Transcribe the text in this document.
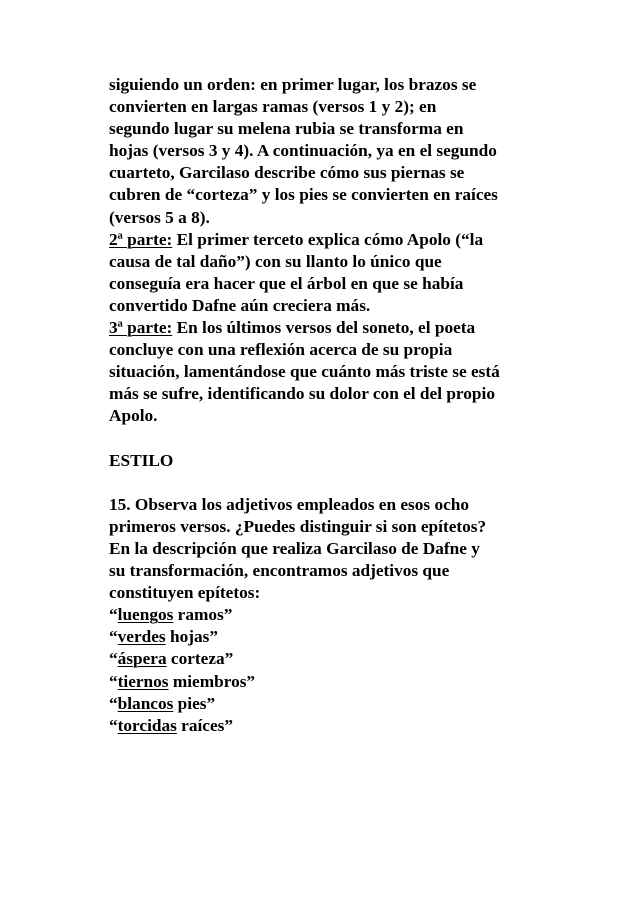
siguiendo un orden: en primer lugar, los brazos se
convierten en largas ramas (versos 1 y 2); en
segundo lugar su melena rubia se transforma en
hojas (versos 3 y 4). A continuación, ya en el segundo
cuarteto, Garcilaso describe cómo sus piernas se
cubren de “corteza” y los pies se convierten en raíces
(versos 5 a 8).
2ª parte: El primer terceto explica cómo Apolo (“la
causa de tal daño”) con su llanto lo único que
conseguía era hacer que el árbol en que se había
convertido Dafne aún creciera más.
3ª parte: En los últimos versos del soneto, el poeta
concluye con una reflexión acerca de su propia
situación, lamentándose que cuánto más triste se está
más se sufre, identificando su dolor con el del propio
Apolo.
ESTILO
15. Observa los adjetivos empleados en esos ocho
primeros versos. ¿Puedes distinguir si son epítetos?
En la descripción que realiza Garcilaso de Dafne y
su transformación, encontramos adjetivos que
constituyen epítetos:
“luengos ramos”
“verdes hojas”
“áspera corteza”
“tiernos miembros”
“blancos pies”
“torcidas raíces”
